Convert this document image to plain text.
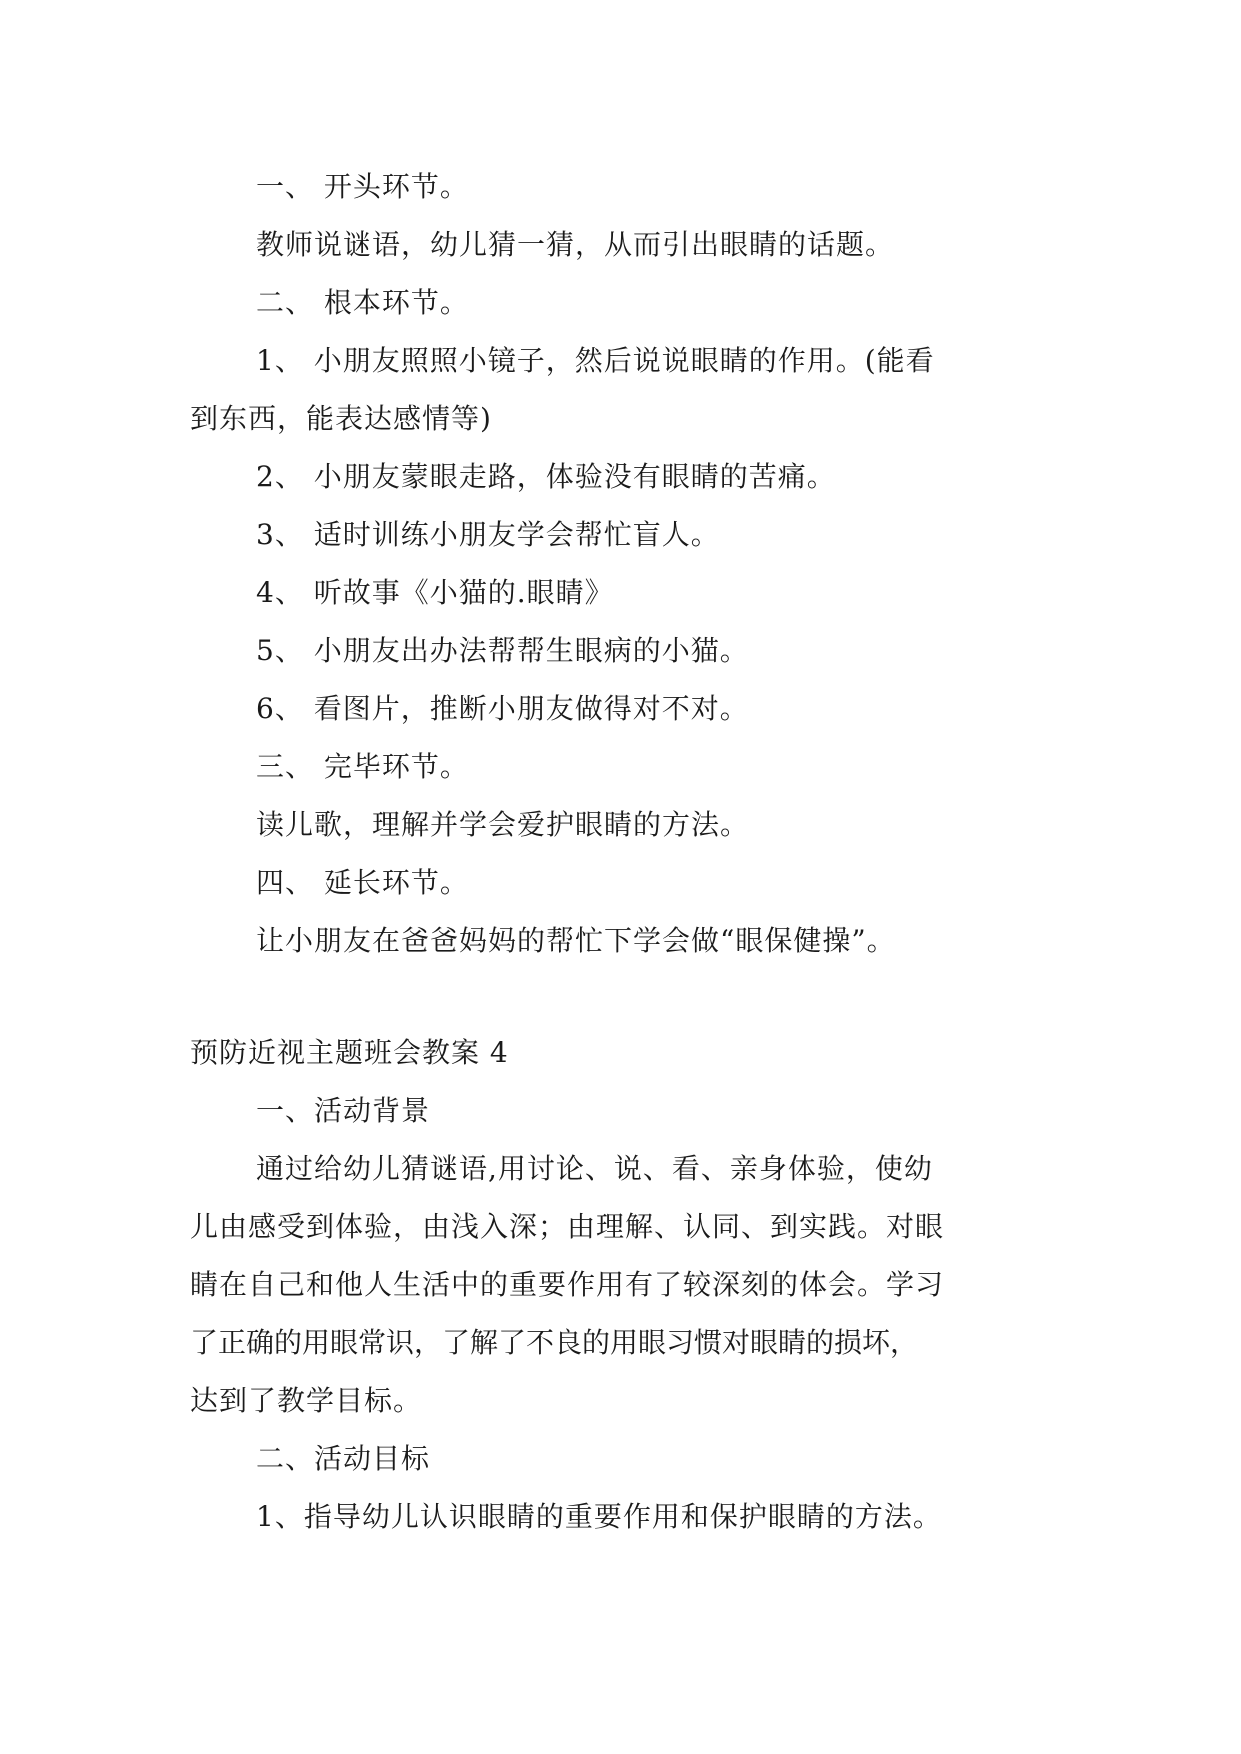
一、 开头环节。
教师说谜语，幼儿猜一猜，从而引出眼睛的话题。
二、 根本环节。
1、 小朋友照照小镜子，然后说说眼睛的作用。(能看
到东西，能表达感情等)
2、 小朋友蒙眼走路，体验没有眼睛的苦痛。
3、 适时训练小朋友学会帮忙盲人。
4、 听故事《小猫的.眼睛》
5、 小朋友出办法帮帮生眼病的小猫。
6、 看图片，推断小朋友做得对不对。
三、 完毕环节。
读儿歌，理解并学会爱护眼睛的方法。
四、 延长环节。
让小朋友在爸爸妈妈的帮忙下学会做“眼保健操”。
预防近视主题班会教案 4
一、活动背景
通过给幼儿猜谜语,用讨论、说、看、亲身体验，使幼
儿由感受到体验，由浅入深；由理解、认同、到实践。对眼
睛在自己和他人生活中的重要作用有了较深刻的体会。学习
了正确的用眼常识，了解了不良的用眼习惯对眼睛的损坏，
达到了教学目标。
二、活动目标
1、指导幼儿认识眼睛的重要作用和保护眼睛的方法。
